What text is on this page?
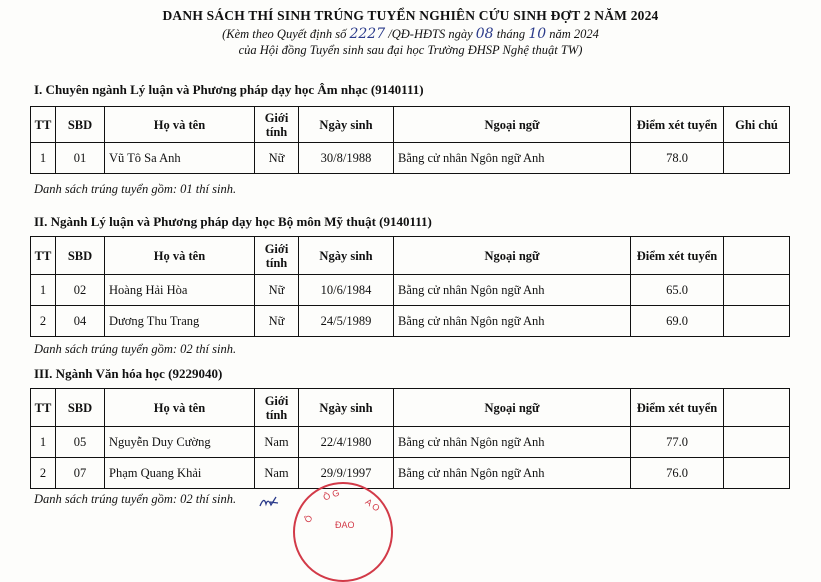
DANH SÁCH THÍ SINH TRÚNG TUYỂN NGHIÊN CỨU SINH ĐỢT 2 NĂM 2024
(Kèm theo Quyết định số 2227 /QĐ-HĐTS ngày 08 tháng 10 năm 2024
của Hội đồng Tuyển sinh sau đại học Trường ĐHSP Nghệ thuật TW)
I. Chuyên ngành Lý luận và Phương pháp dạy học Âm nhạc (9140111)
TT	SBD	Họ và tên	Giới
tính	Ngày sinh	Ngoại ngữ	Điểm xét tuyển	Ghi chú
1	01	Vũ Tô Sa Anh	Nữ	30/8/1988	Bằng cử nhân Ngôn ngữ Anh	78.0	
Danh sách trúng tuyển gồm: 01 thí sinh.
II. Ngành Lý luận và Phương pháp dạy học Bộ môn Mỹ thuật (9140111)
TT	SBD	Họ và tên	Giới
tính	Ngày sinh	Ngoại ngữ	Điểm xét tuyển	
1	02	Hoàng Hải Hòa	Nữ	10/6/1984	Bằng cử nhân Ngôn ngữ Anh	65.0	
2	04	Dương Thu Trang	Nữ	24/5/1989	Bằng cử nhân Ngôn ngữ Anh	69.0	
Danh sách trúng tuyển gồm: 02 thí sinh.
III. Ngành Văn hóa học (9229040)
TT	SBD	Họ và tên	Giới
tính	Ngày sinh	Ngoại ngữ	Điểm xét tuyển	
1	05	Nguyễn Duy Cường	Nam	22/4/1980	Bằng cử nhân Ngôn ngữ Anh	77.0	
2	07	Phạm Quang Khải	Nam	29/9/1997	Bằng cử nhân Ngôn ngữ Anh	76.0	
Danh sách trúng tuyển gồm: 02 thí sinh.	Ô G
A O
ĐAO
Ô
